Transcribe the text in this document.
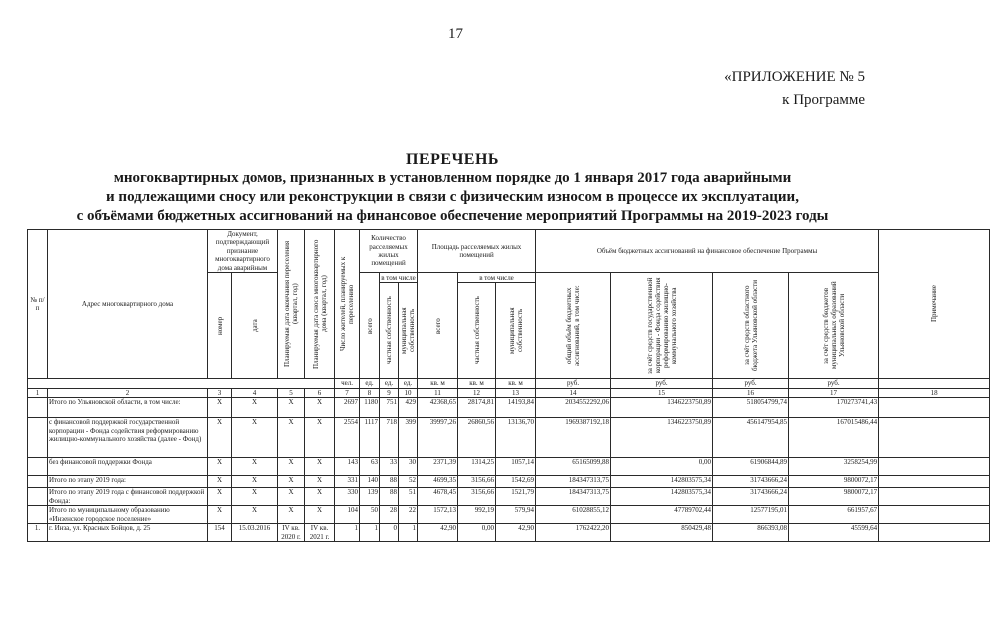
17
«ПРИЛОЖЕНИЕ № 5
к Программе
ПЕРЕЧЕНЬ
многоквартирных домов, признанных в установленном порядке до 1 января 2017 года аварийными
и подлежащими сносу или реконструкции в связи с физическим износом в процессе их эксплуатации,
с объёмами бюджетных ассигнований на финансовое обеспечение мероприятий Программы на 2019-2023 годы
№ п/п	Адрес многоквартирного дома	Документ, подтверждающий признание многоквартирного дома аварийным		Планируемая дата окончания переселения (квартал, год)	Планируемая дата сноса многоквартирного дома (квартал, год)	Число жителей, планируемых к переселению	Количество расселяемых жилых помещений			Площадь расселяемых жилых помещений			Объём бюджетных ассигнований на финансовое обеспечение Программы				Примечание

		номер	дата				всего	в том числе		всего	в том числе		общий объём бюджетных ассигнований, в том числе:	за счёт средств государственной корпорации - Фонда содействия реформированию жилищно-коммунального хозяйства	за счёт средств областного бюджета Ульяновской области	за счёт средств бюджетов муниципальных образований Ульяновской области	

								частная собственность	муниципальная собственность		частная собственность	муниципальная собственность					

						чел.	ед.	ед.	ед.	кв. м	кв. м	кв. м	руб.	руб.	руб.	руб.	
1	2	3	4	5	6	7	8	9	10	11	12	13	14	15	16	17	18
	Итого по Ульяновской области, в том числе:	X	X	X	X	2697	1180	751	429	42368,65	28174,81	14193,84	2034552292,06	1346223750,89	518054799,74	170273741,43	
	с финансовой поддержкой государственной корпорации - Фонда содействия реформированию жилищно-коммунального хозяйства (далее - Фонд)	X	X	X	X	2554	1117	718	399	39997,26	26860,56	13136,70	1969387192,18	1346223750,89	456147954,85	167015486,44	
	без финансовой поддержки Фонда	X	X	X	X	143	63	33	30	2371,39	1314,25	1057,14	65165099,88	0,00	61906844,89	3258254,99	
	Итого по этапу 2019 года:	X	X	X	X	331	140	88	52	4699,35	3156,66	1542,69	184347313,75	142803575,34	31743666,24	9800072,17	
	Итого по этапу 2019 года с финансовой поддержкой Фонда:	X	X	X	X	330	139	88	51	4678,45	3156,66	1521,79	184347313,75	142803575,34	31743666,24	9800072,17	
	Итого по муниципальному образованию «Инзенское городское поселение»	X	X	X	X	104	50	28	22	1572,13	992,19	579,94	61028855,12	47789702,44	12577195,01	661957,67	
1.	г. Инза, ул. Красных Бойцов, д. 25	154	15.03.2016	IV кв. 2020 г.	IV кв. 2021 г.	1	1	0	1	42,90	0,00	42,90	1762422,20	850429,48	866393,08	45599,64	
